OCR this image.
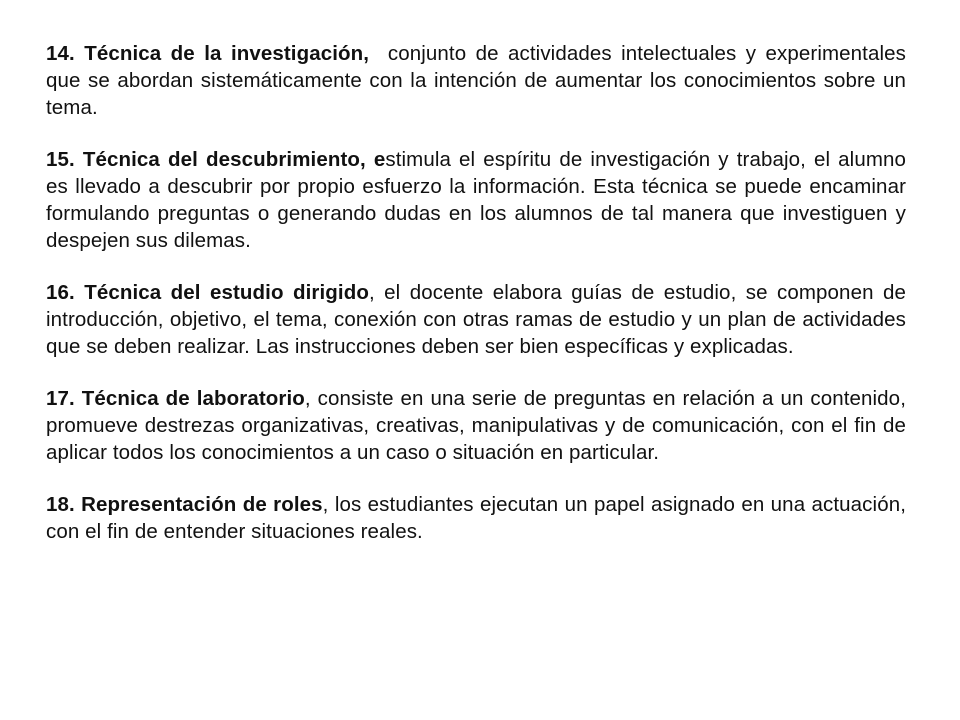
14. Técnica de la investigación,  conjunto de actividades intelectuales y experimentales que se abordan sistemáticamente con la intención de aumentar los conocimientos sobre un tema.

15. Técnica del descubrimiento, estimula el espíritu de investigación y trabajo, el alumno es llevado a descubrir por propio esfuerzo la información. Esta técnica se puede encaminar formulando preguntas o generando dudas en los alumnos de tal manera que investiguen y despejen sus dilemas.

16. Técnica del estudio dirigido, el docente elabora guías de estudio, se componen de introducción, objetivo, el tema, conexión con otras ramas de estudio y un plan de actividades que se deben realizar. Las instrucciones deben ser bien específicas y explicadas.

17. Técnica de laboratorio, consiste en una serie de preguntas en relación a un contenido,  promueve destrezas organizativas, creativas, manipulativas y de comunicación, con el fin de aplicar todos los conocimientos a un caso o situación en particular.

18. Representación de roles, los estudiantes ejecutan un papel asignado en una actuación, con el fin de entender situaciones reales.
